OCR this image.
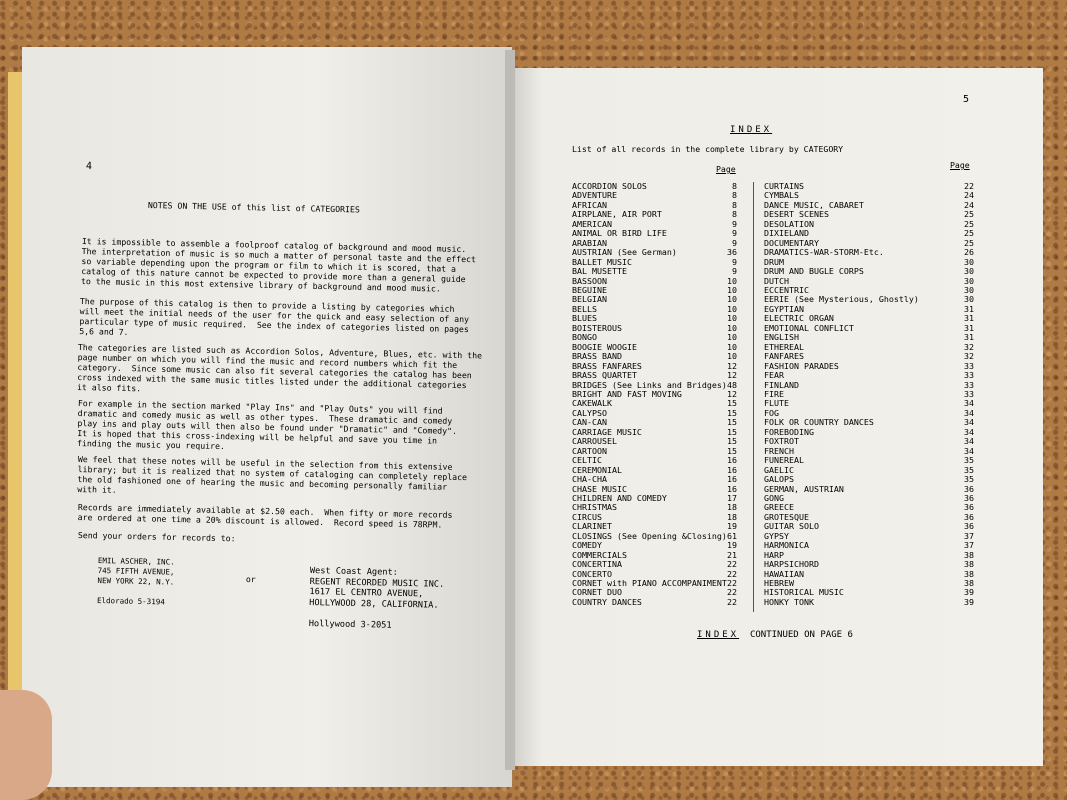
4
NOTES ON THE USE of this list of CATEGORIES
It is impossible to assemble a foolproof catalog of background and mood music.
The interpretation of music is so much a matter of personal taste and the effect
so variable depending upon the program or film to which it is scored, that a
catalog of this nature cannot be expected to provide more than a general guide
to the music in this most extensive library of background and mood music.
The purpose of this catalog is then to provide a listing by categories which
will meet the initial needs of the user for the quick and easy selection of any
particular type of music required.  See the index of categories listed on pages
5,6 and 7.
The categories are listed such as Accordion Solos, Adventure, Blues, etc. with the
page number on which you will find the music and record numbers which fit the
category.  Since some music can also fit several categories the catalog has been
cross indexed with the same music titles listed under the additional categories
it also fits.
For example in the section marked "Play Ins" and "Play Outs" you will find
dramatic and comedy music as well as other types.  These dramatic and comedy
play ins and play outs will then also be found under "Dramatic" and "Comedy".
It is hoped that this cross-indexing will be helpful and save you time in
finding the music you require.
We feel that these notes will be useful in the selection from this extensive
library; but it is realized that no system of cataloging can completely replace
the old fashioned one of hearing the music and becoming personally familiar
with it.
Records are immediately available at $2.50 each.  When fifty or more records
are ordered at one time a 20% discount is allowed.  Record speed is 78RPM.
Send your orders for records to:
EMIL ASCHER, INC.
745 FIFTH AVENUE,
NEW YORK 22, N.Y.

Eldorado 5-3194
or
West Coast Agent:
REGENT RECORDED MUSIC INC.
1617 EL CENTRO AVENUE,
HOLLYWOOD 28, CALIFORNIA.

Hollywood 3-2051
5
INDEX
List of all records in the complete library by CATEGORY
Page	Page
ACCORDION SOLOS	8
ADVENTURE	8
AFRICAN	8
AIRPLANE, AIR PORT	8
AMERICAN	9
ANIMAL OR BIRD LIFE	9
ARABIAN	9
AUSTRIAN (See German)	36
BALLET MUSIC	9
BAL MUSETTE	9
BASSOON	10
BEGUINE	10
BELGIAN	10
BELLS	10
BLUES	10
BOISTEROUS	10
BONGO	10
BOOGIE WOOGIE	10
BRASS BAND	10
BRASS FANFARES	12
BRASS QUARTET	12
BRIDGES (See Links and Bridges) 48
BRIGHT AND FAST MOVING	12
CAKEWALK	15
CALYPSO	15
CAN-CAN	15
CARRIAGE MUSIC	15
CARROUSEL	15
CARTOON	15
CELTIC	16
CEREMONIAL	16
CHA-CHA	16
CHASE MUSIC	16
CHILDREN AND COMEDY	17
CHRISTMAS	18
CIRCUS	18
CLARINET	19
CLOSINGS (See Opening &Closing) 61
COMEDY	19
COMMERCIALS	21
CONCERTINA	22
CONCERTO	22
CORNET with PIANO ACCOMPANIMENT 22
CORNET DUO	22
COUNTRY DANCES	22
CURTAINS	22
CYMBALS	24
DANCE MUSIC, CABARET	24
DESERT SCENES	25
DESOLATION	25
DIXIELAND	25
DOCUMENTARY	25
DRAMATICS-WAR-STORM-Etc.	26
DRUM	30
DRUM AND BUGLE CORPS	30
DUTCH	30
ECCENTRIC	30
EERIE (See Mysterious, Ghostly)	30
EGYPTIAN	31
ELECTRIC ORGAN	31
EMOTIONAL CONFLICT	31
ENGLISH	31
ETHEREAL	32
FANFARES	32
FASHION PARADES	33
FEAR	33
FINLAND	33
FIRE	33
FLUTE	34
FOG	34
FOLK OR COUNTRY DANCES	34
FOREBODING	34
FOXTROT	34
FRENCH	34
FUNEREAL	35
GAELIC	35
GALOPS	35
GERMAN, AUSTRIAN	36
GONG	36
GREECE	36
GROTESQUE	36
GUITAR SOLO	36
GYPSY	37
HARMONICA	37
HARP	38
HARPSICHORD	38
HAWAIIAN	38
HEBREW	38
HISTORICAL MUSIC	39
HONKY TONK	39
INDEX CONTINUED ON PAGE 6
